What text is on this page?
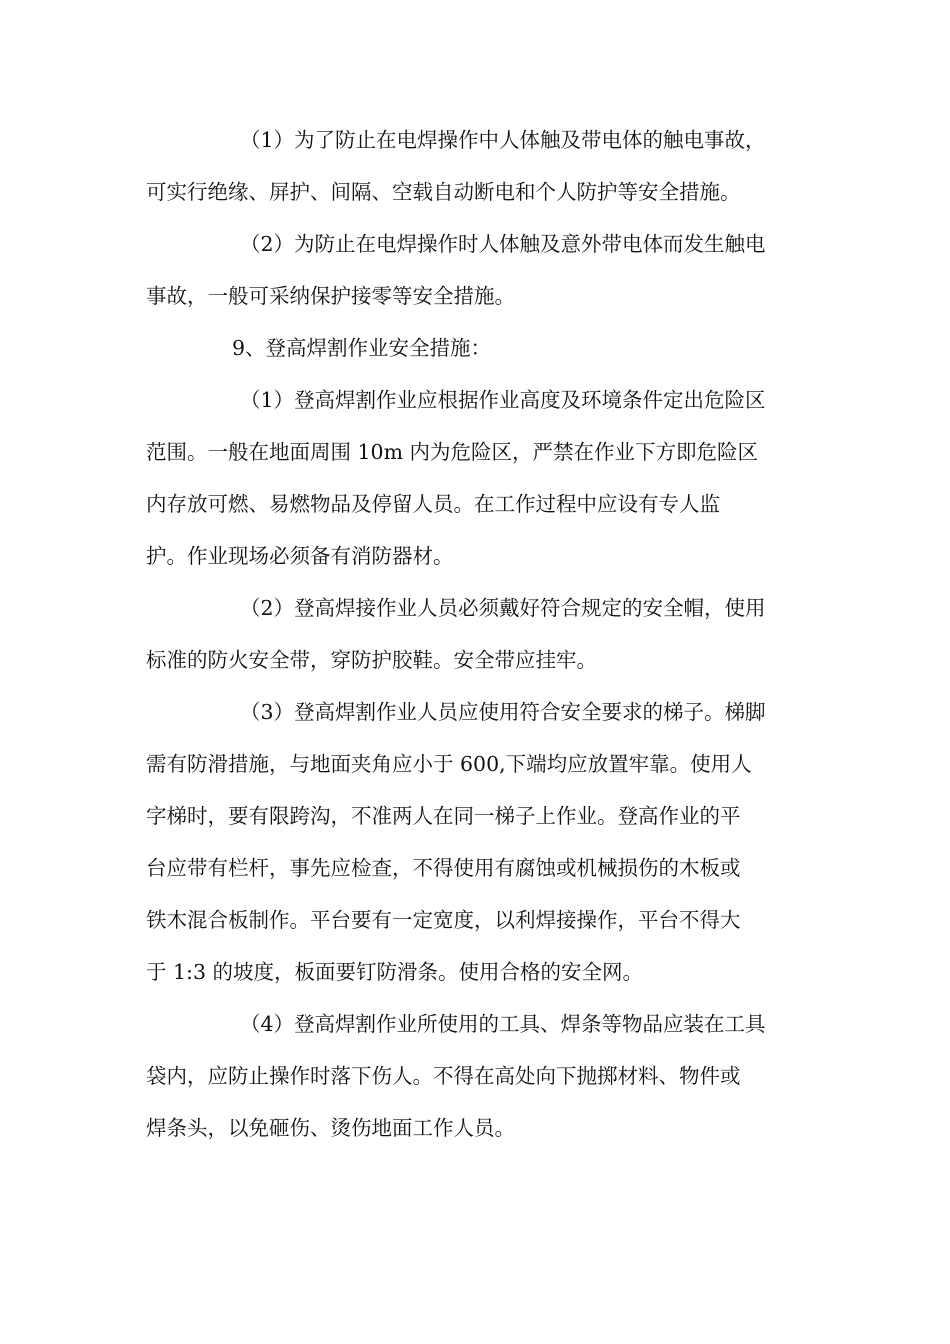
（1）为了防止在电焊操作中人体触及带电体的触电事故，
可实行绝缘、屏护、间隔、空载自动断电和个人防护等安全措施。
（2）为防止在电焊操作时人体触及意外带电体而发生触电
事故，一般可采纳保护接零等安全措施。
9、登高焊割作业安全措施：
（1）登高焊割作业应根据作业高度及环境条件定出危险区
范围。一般在地面周围 10m 内为危险区，严禁在作业下方即危险区
内存放可燃、易燃物品及停留人员。在工作过程中应设有专人监
护。作业现场必须备有消防器材。
（2）登高焊接作业人员必须戴好符合规定的安全帽，使用
标准的防火安全带，穿防护胶鞋。安全带应挂牢。
（3）登高焊割作业人员应使用符合安全要求的梯子。梯脚
需有防滑措施，与地面夹角应小于 600,下端均应放置牢靠。使用人
字梯时，要有限跨沟，不准两人在同一梯子上作业。登高作业的平
台应带有栏杆，事先应检查，不得使用有腐蚀或机械损伤的木板或
铁木混合板制作。平台要有一定宽度，以利焊接操作，平台不得大
于 1:3 的坡度，板面要钉防滑条。使用合格的安全网。
（4）登高焊割作业所使用的工具、焊条等物品应装在工具
袋内，应防止操作时落下伤人。不得在高处向下抛掷材料、物件或
焊条头，以免砸伤、烫伤地面工作人员。
